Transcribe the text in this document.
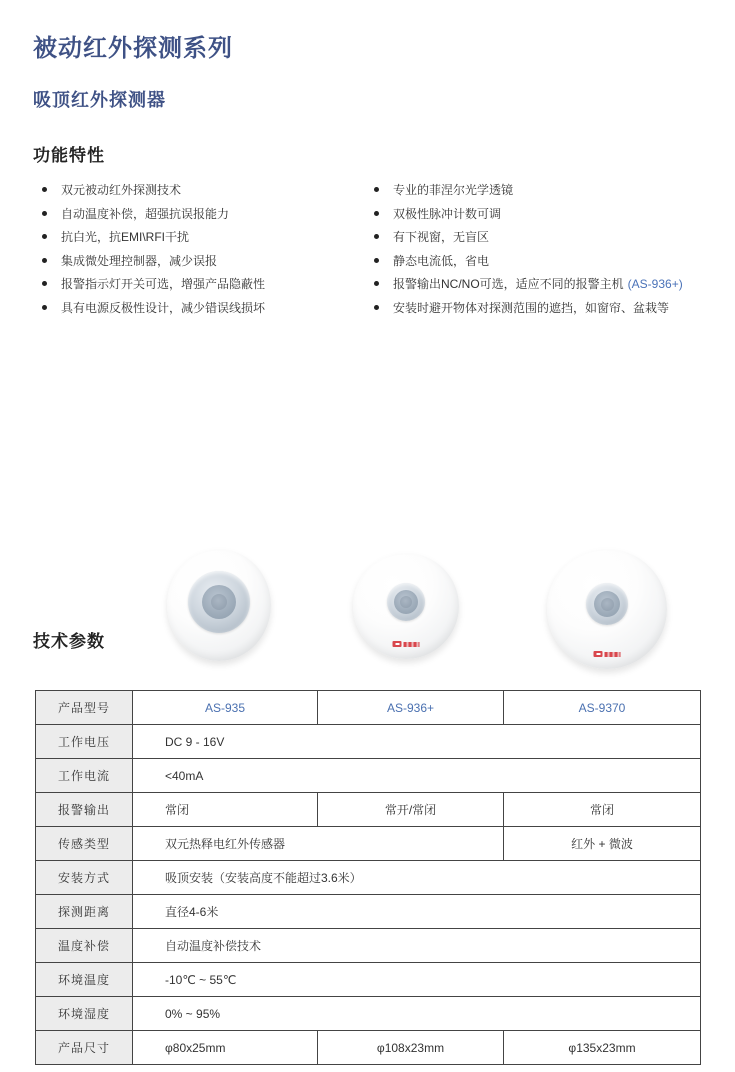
被动红外探测系列
吸顶红外探测器
功能特性
双元被动红外探测技术
自动温度补偿，超强抗误报能力
抗白光，抗EMI\RFI干扰
集成微处理控制器，减少误报
报警指示灯开关可选，增强产品隐蔽性
具有电源反极性设计，减少错误线损坏
专业的菲涅尔光学透镜
双极性脉冲计数可调
有下视窗，无盲区
静态电流低，省电
报警输出NC/NO可选，适应不同的报警主机 (AS-936+)
安装时避开物体对探测范围的遮挡，如窗帘、盆栽等
技术参数
产品型号	AS-935	AS-936+	AS-9370
工作电压	DC 9 - 16V		
工作电流	<40mA		
报警输出	常闭	常开/常闭	常闭
传感类型	双元热释电红外传感器		红外 + 微波
安装方式	吸顶安装（安装高度不能超过3.6米）		
探测距离	直径4-6米		
温度补偿	自动温度补偿技术		
环境温度	-10℃ ~ 55℃		
环境湿度	0% ~ 95%		
产品尺寸	φ80x25mm	φ108x23mm	φ135x23mm
